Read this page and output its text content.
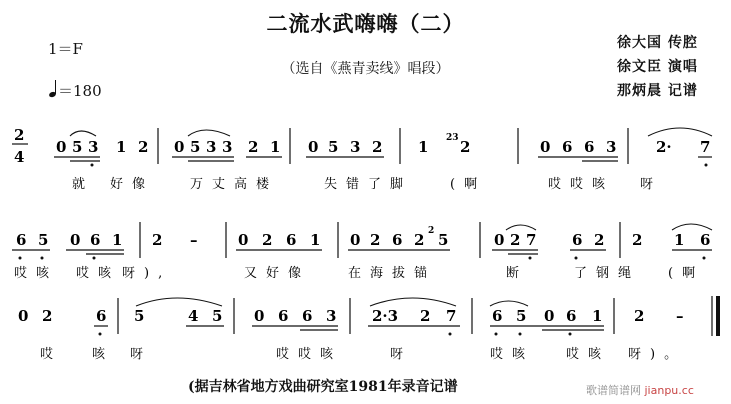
二流水武嗨嗨（二）
（选自《燕青卖线》唱段）
1＝F
＝180
徐大国 传腔
徐文臣 演唱
那炳晨 记谱
2
4
0 5 3 1 2 0 5 3 3 2 1 0 5 3 2 1 2	0 6 6 3	2· 7
23
6 5 0 6 1 2 –	0 2 6 1 0 2 6 2 5	0 2 7 6 2 2 1 6
2
0 2	6 5	4 5 0 6 6 3 2·3 2 7 6 5 0 6 1 2 –
就 好像	万丈高楼	失错了脚	(啊	哎哎咳 呀
哎咳 哎咳 呀),	又好像	在海拔锚	断	了钢绳 (啊
哎 咳 呀	哎哎咳	呀	哎咳 哎咳 呀)。
(据吉林省地方戏曲研究室1981年录音记谱	歌谱简谱网 jianpu.cc
